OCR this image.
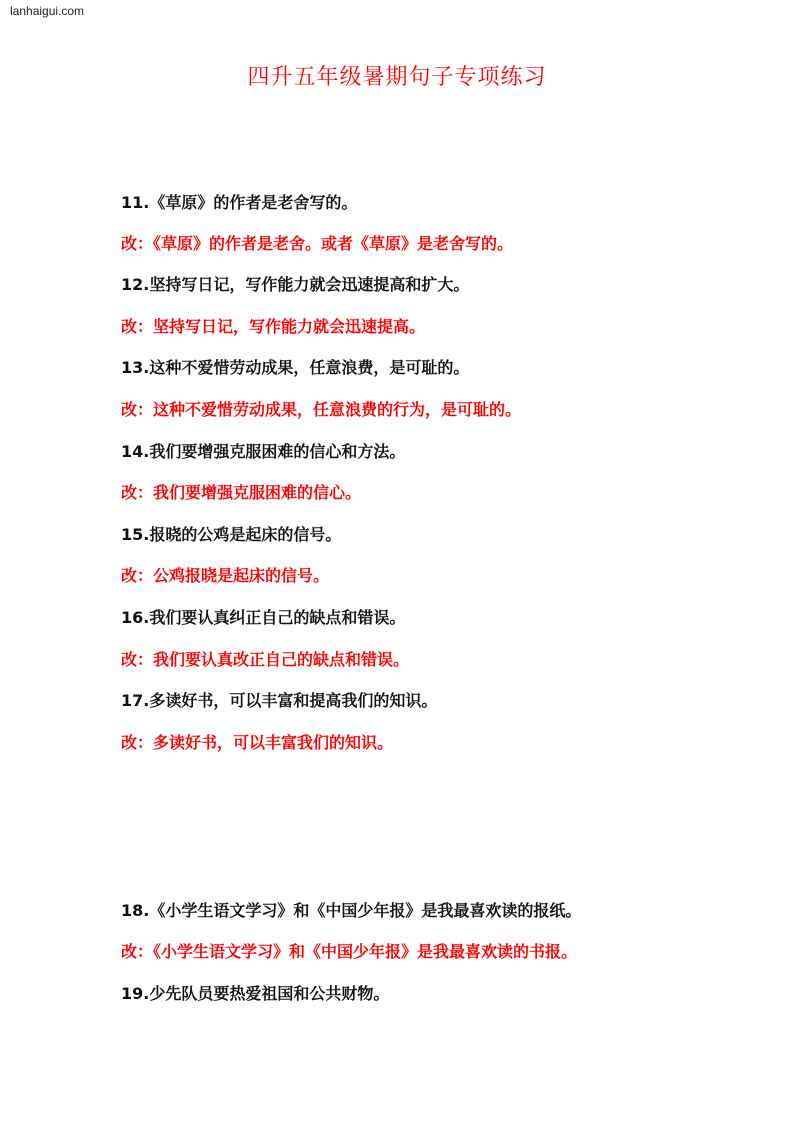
lanhaigui.com
四升五年级暑期句子专项练习
11.《草原》的作者是老舍写的。
改：《草原》的作者是老舍。或者《草原》是老舍写的。
12.坚持写日记，写作能力就会迅速提高和扩大。
改：坚持写日记，写作能力就会迅速提高。
13.这种不爱惜劳动成果，任意浪费，是可耻的。
改：这种不爱惜劳动成果，任意浪费的行为，是可耻的。
14.我们要增强克服困难的信心和方法。
改：我们要增强克服困难的信心。
15.报晓的公鸡是起床的信号。
改：公鸡报晓是起床的信号。
16.我们要认真纠正自己的缺点和错误。
改：我们要认真改正自己的缺点和错误。
17.多读好书，可以丰富和提高我们的知识。
改：多读好书，可以丰富我们的知识。
18.《小学生语文学习》和《中国少年报》是我最喜欢读的报纸。
改：《小学生语文学习》和《中国少年报》是我最喜欢读的书报。
19.少先队员要热爱祖国和公共财物。
